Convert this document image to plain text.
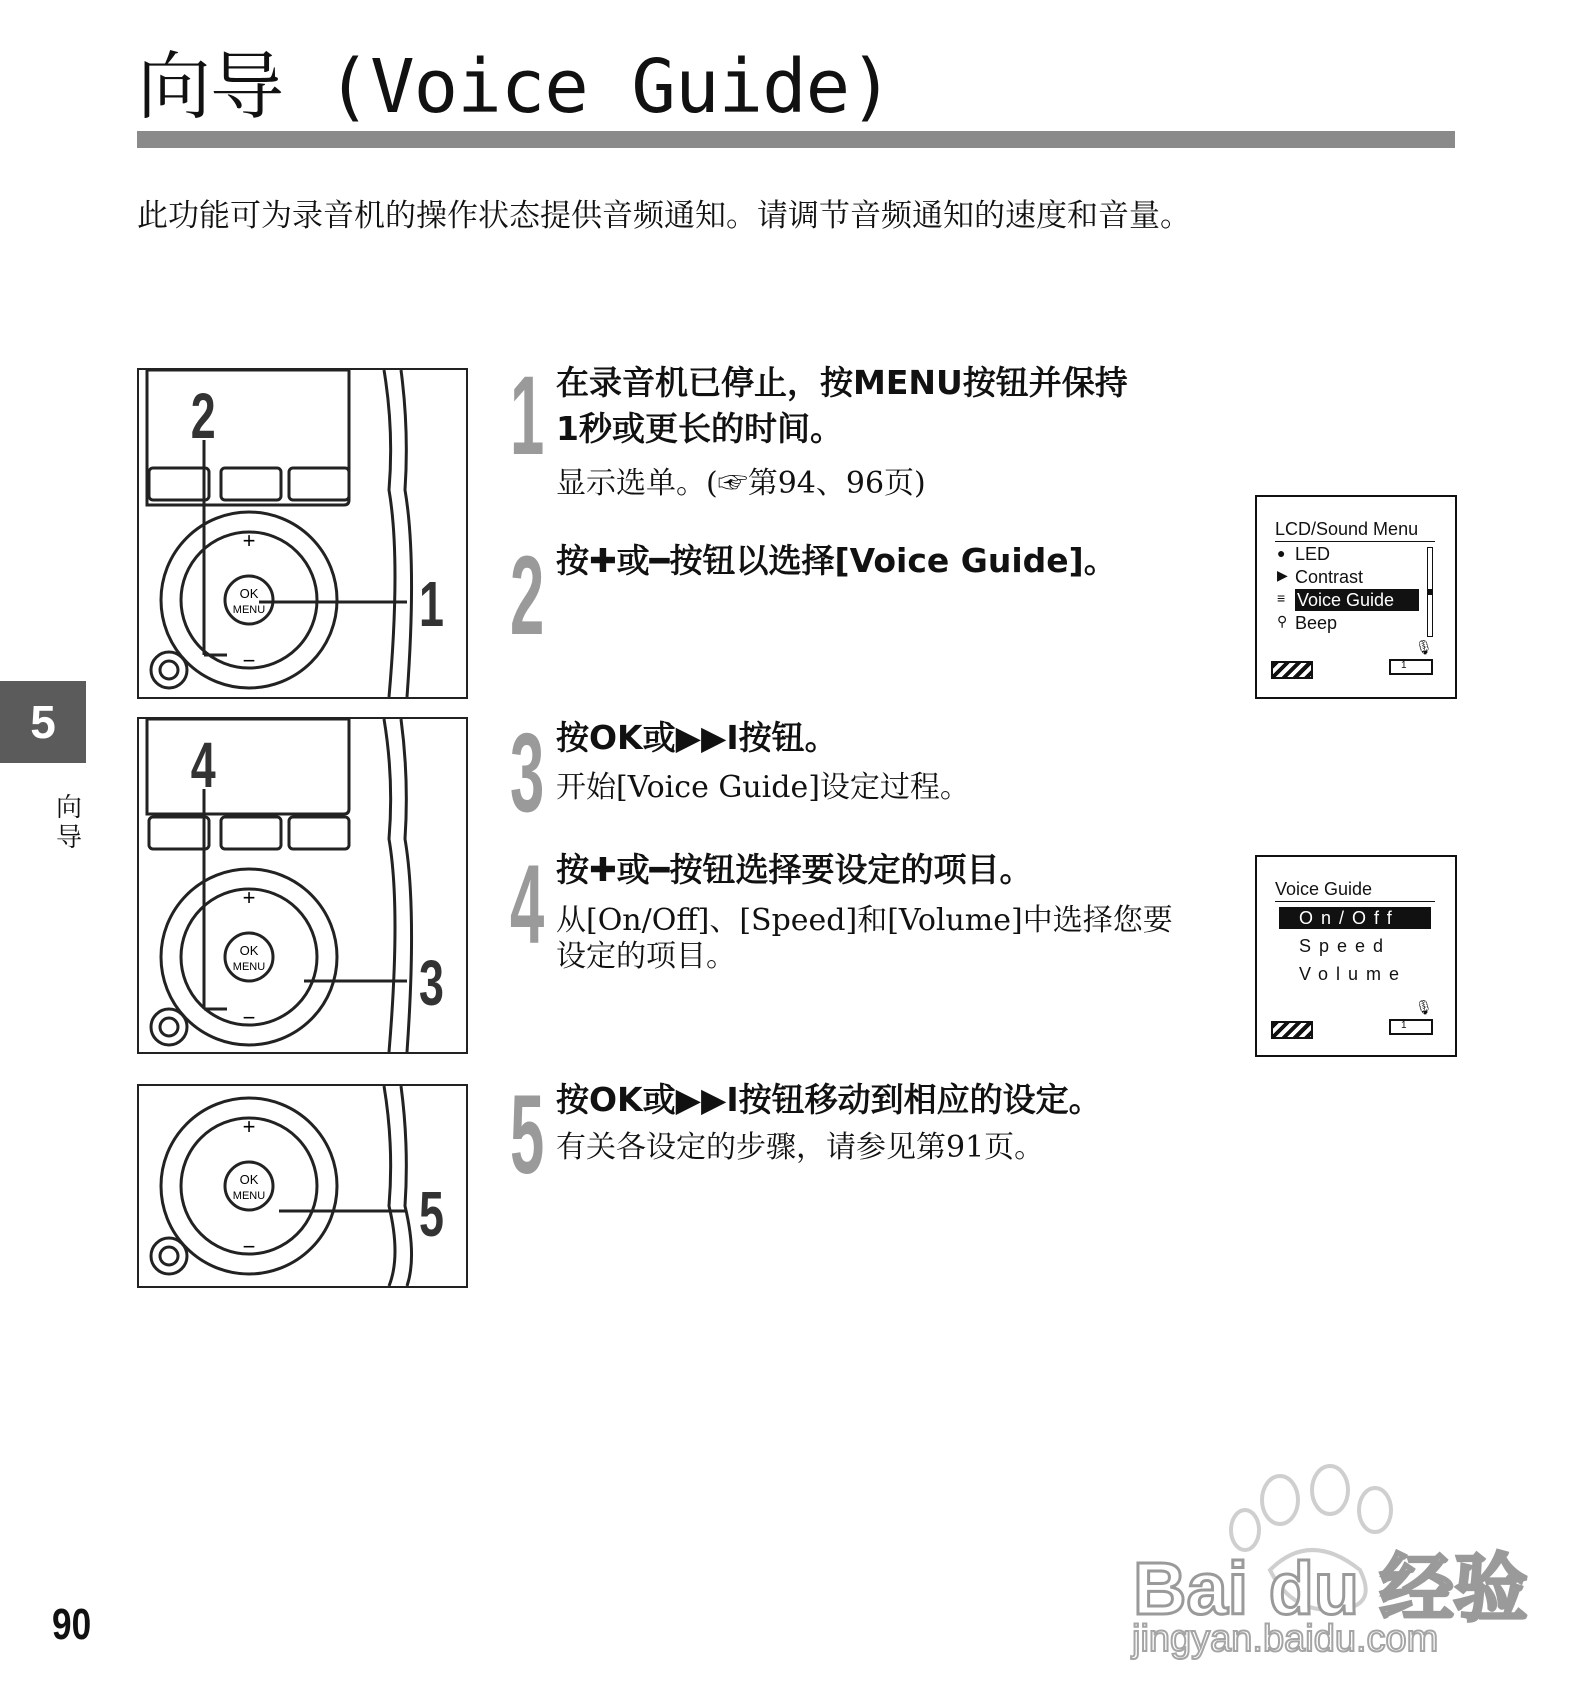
向导 (Voice Guide)
此功能可为录音机的操作状态提供音频通知。请调节音频通知的速度和音量。
5
向导
+
−
OK
MENU
2
1
+
−
OK
MENU
4
3
+
−
OK
MENU 5
1 在录音机已停止，按MENU按钮并保持
1秒或更长的时间。
显示选单。(☞第94、96页)
2 按✚或━按钮以选择[Voice Guide]。
3 按OK或▶▶I按钮。
开始[Voice Guide]设定过程。
4 按✚或━按钮选择要设定的项目。
从[On/Off]、[Speed]和[Volume]中选择您要
设定的项目。
5 按OK或▶▶I按钮移动到相应的设定。
有关各设定的步骤，请参见第91页。
LCD/Sound Menu
● LED
▶ Contrast
≡ Voice Guide
⚲ Beep
🎙︎
1
Voice Guide
On/Off
Speed
Volume
🎙︎
1
90	Bai du 经验
jingyan.baidu.com
